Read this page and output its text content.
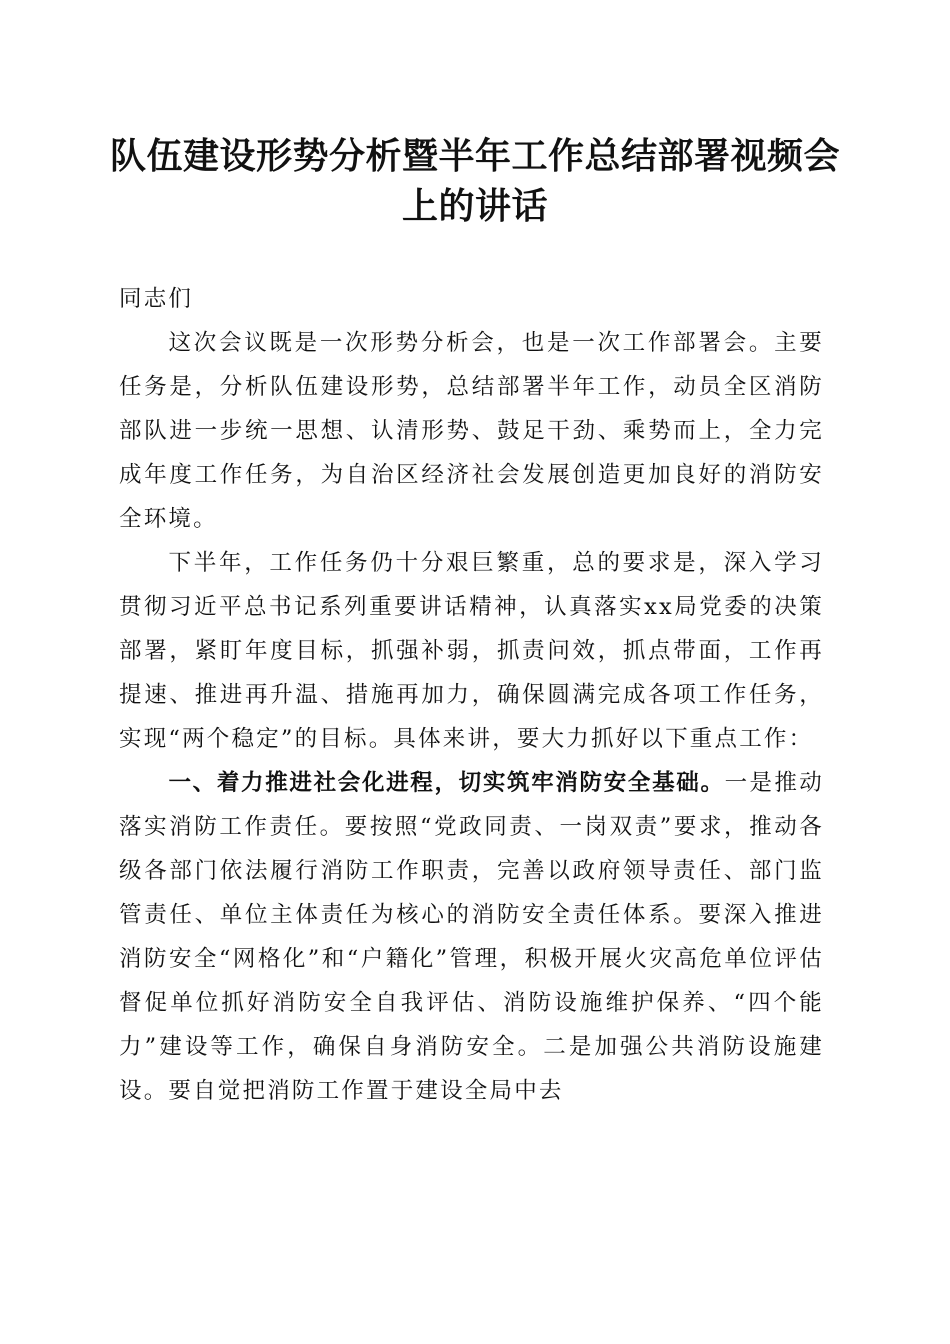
队伍建设形势分析暨半年工作总结部署视频会
上的讲话

同志们

这次会议既是一次形势分析会，也是一次工作部署会。主要任务是，分析队伍建设形势，总结部署半年工作，动员全区消防部队进一步统一思想、认清形势、鼓足干劲、乘势而上，全力完成年度工作任务，为自治区经济社会发展创造更加良好的消防安全环境。

下半年，工作任务仍十分艰巨繁重，总的要求是，深入学习贯彻习近平总书记系列重要讲话精神，认真落实xx局党委的决策部署，紧盯年度目标，抓强补弱，抓责问效，抓点带面，工作再提速、推进再升温、措施再加力，确保圆满完成各项工作任务，实现“两个稳定”的目标。具体来讲，要大力抓好以下重点工作：

一、着力推进社会化进程，切实筑牢消防安全基础。一是推动落实消防工作责任。要按照“党政同责、一岗双责”要求，推动各级各部门依法履行消防工作职责，完善以政府领导责任、部门监管责任、单位主体责任为核心的消防安全责任体系。要深入推进消防安全“网格化”和“户籍化”管理，积极开展火灾高危单位评估督促单位抓好消防安全自我评估、消防设施维护保养、“四个能力”建设等工作，确保自身消防安全。二是加强公共消防设施建设。要自觉把消防工作置于建设全局中去
